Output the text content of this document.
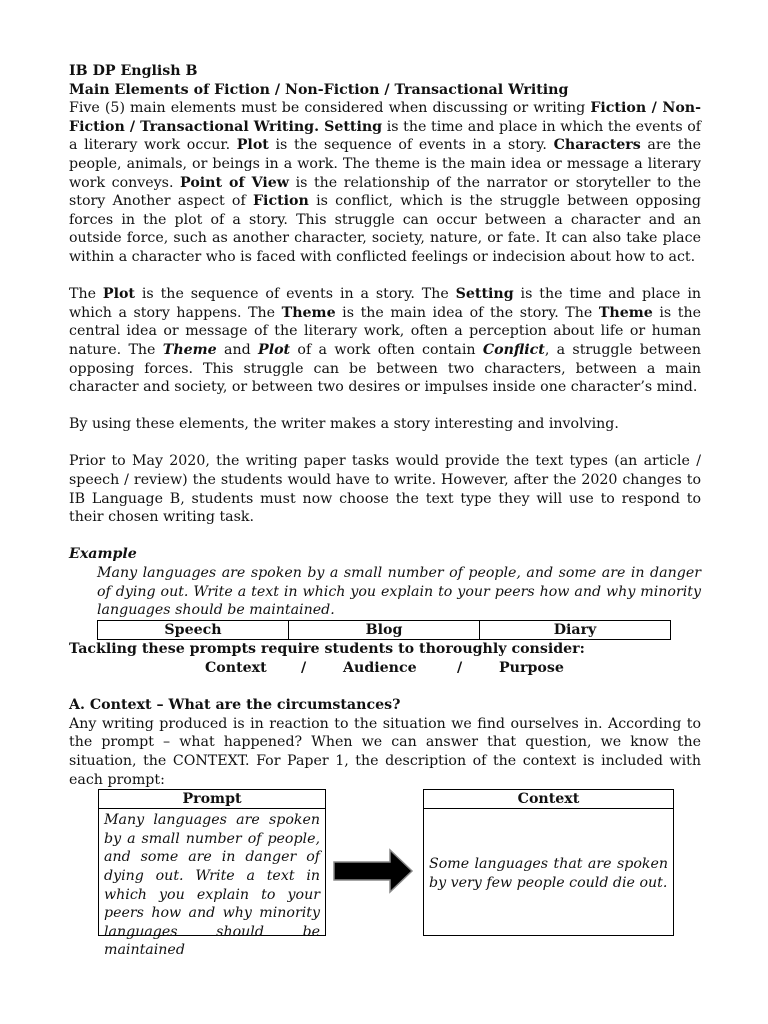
IB DP English B
Main Elements of Fiction / Non-Fiction / Transactional Writing

Five (5) main elements must be considered when discussing or writing Fiction / Non-Fiction / Transactional Writing. Setting is the time and place in which the events of a literary work occur. Plot is the sequence of events in a story. Characters are the people, animals, or beings in a work. The theme is the main idea or message a literary work conveys. Point of View is the relationship of the narrator or storyteller to the story Another aspect of Fiction is conflict, which is the struggle between opposing forces in the plot of a story. This struggle can occur between a character and an outside force, such as another character, society, nature, or fate. It can also take place within a character who is faced with conflicted feelings or indecision about how to act.

The Plot is the sequence of events in a story. The Setting is the time and place in which a story happens. The Theme is the main idea of the story. The Theme is the central idea or message of the literary work, often a perception about life or human nature. The Theme and Plot of a work often contain Conflict, a struggle between opposing forces. This struggle can be between two characters, between a main character and society, or between two desires or impulses inside one character’s mind.

By using these elements, the writer makes a story interesting and involving.

Prior to May 2020, the writing paper tasks would provide the text types (an article / speech / review) the students would have to write. However, after the 2020 changes to IB Language B, students must now choose the text type they will use to respond to their chosen writing task.

Example

Many languages are spoken by a small number of people, and some are in danger of dying out. Write a text in which you explain to your peers how and why minority languages should be maintained.

Speech	Blog	Diary
Tackling these prompts require students to thoroughly consider:
Context	/	Audience	/	Purpose
A. Context – What are the circumstances?

Any writing produced is in reaction to the situation we find ourselves in. According to the prompt – what happened? When we can answer that question, we know the situation, the CONTEXT. For Paper 1, the description of the context is included with each prompt:

Prompt
Many languages are spoken by a small number of people, and some are in danger of dying out. Write a text in which you explain to your peers how and why minority languages should be maintained
Context
Some languages that are spoken by very few people could die out.
